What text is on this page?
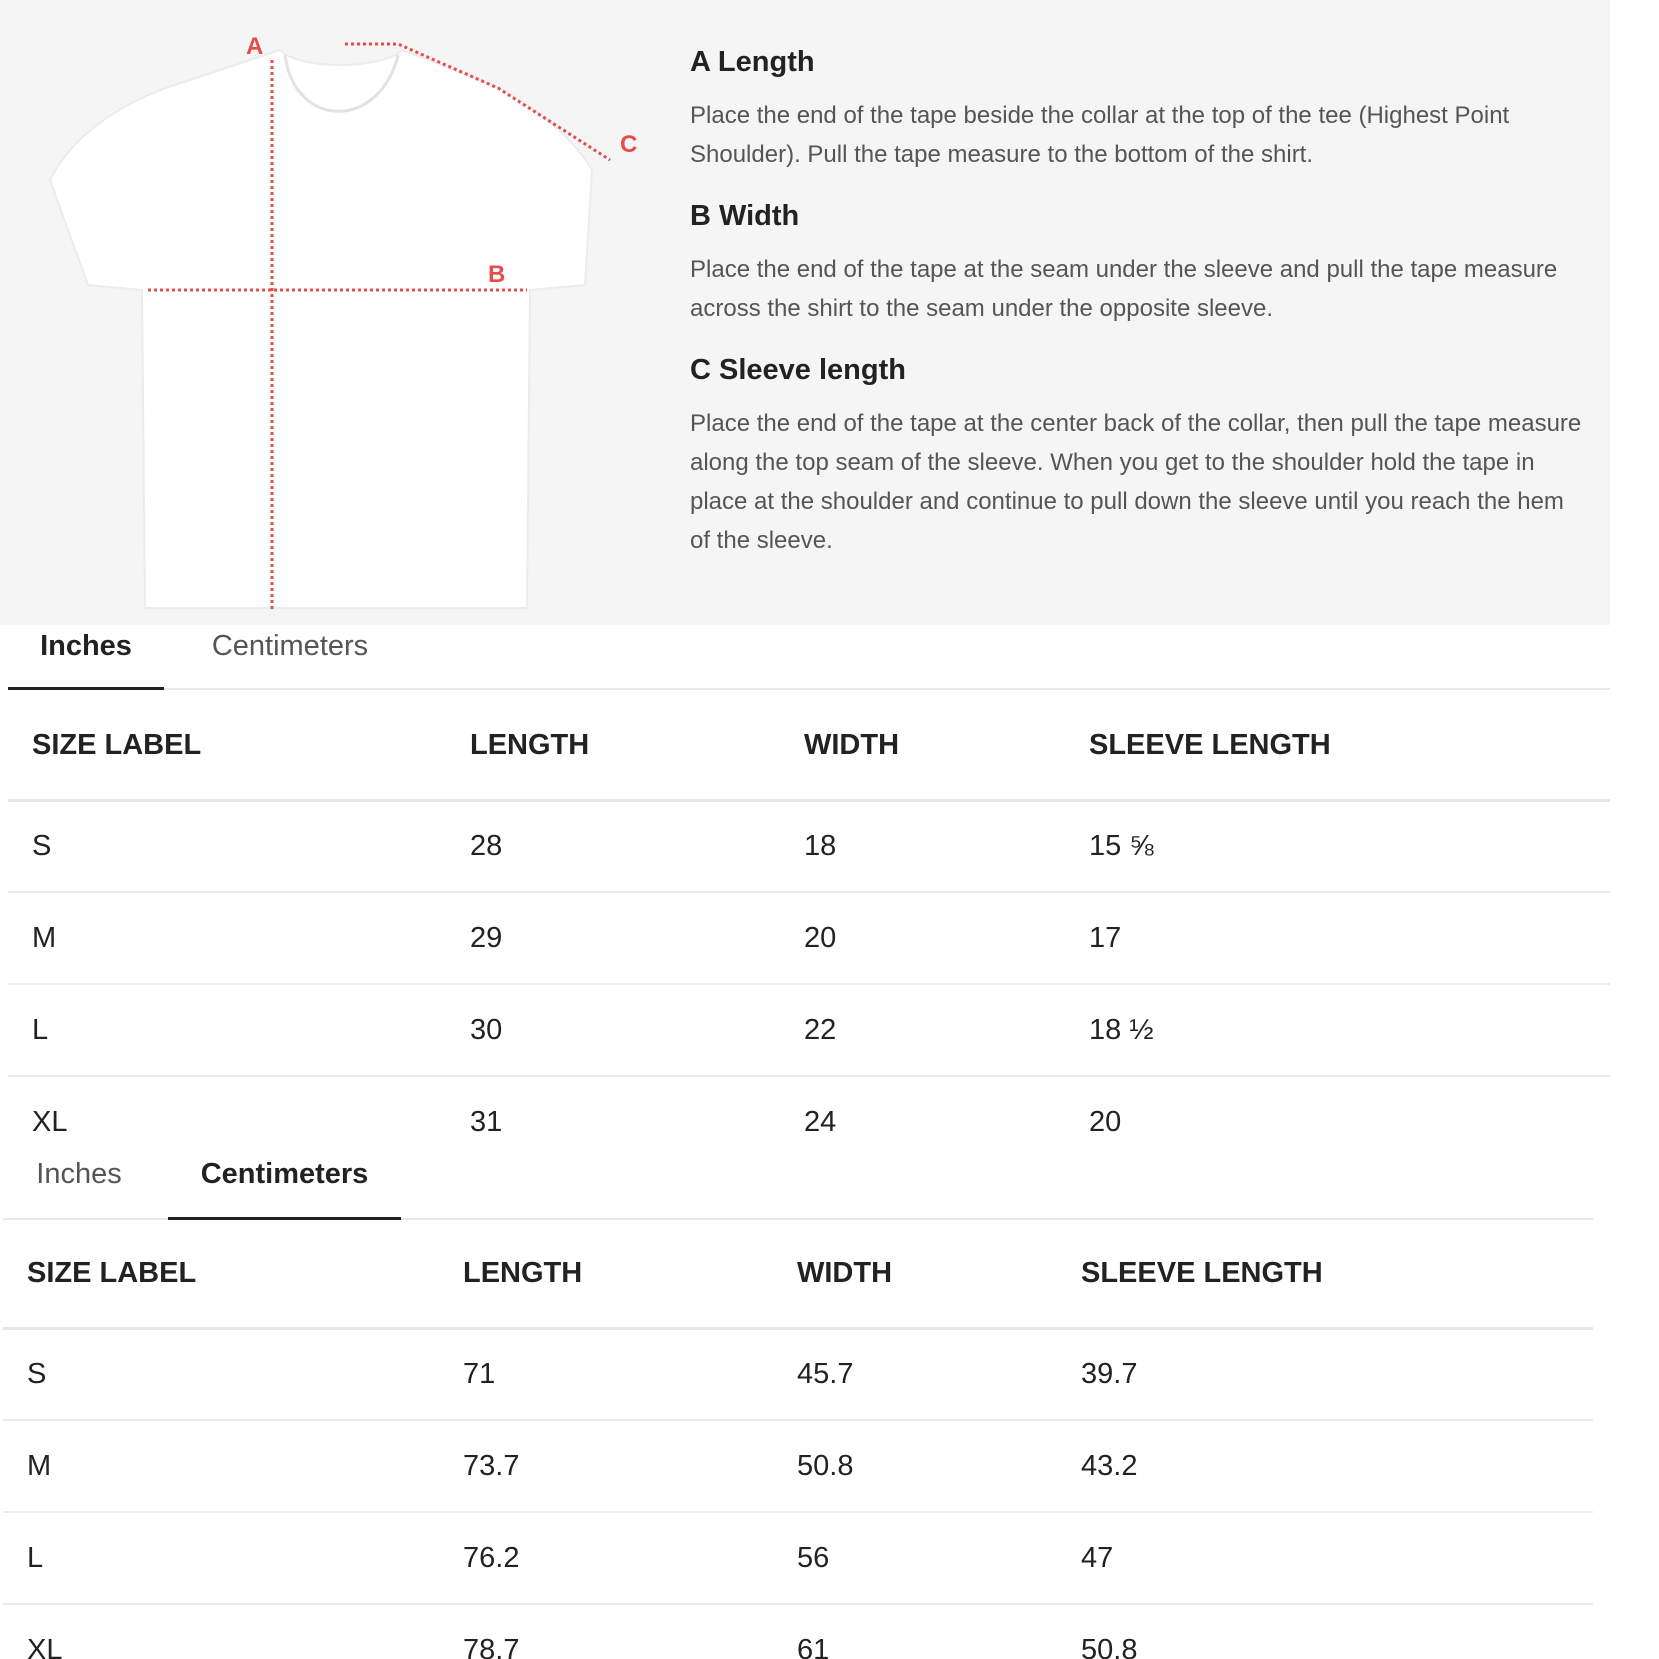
A
B
C
A Length

Place the end of the tape beside the collar at the top of the tee (Highest Point Shoulder). Pull the tape measure to the bottom of the shirt.

B Width

Place the end of the tape at the seam under the sleeve and pull the tape measure across the shirt to the seam under the opposite sleeve.

C Sleeve length

Place the end of the tape at the center back of the collar, then pull the tape measure along the top seam of the sleeve. When you get to the shoulder hold the tape in place at the shoulder and continue to pull down the sleeve until you reach the hem of the sleeve.

Inches	Centimeters
SIZE LABEL	LENGTH	WIDTH	SLEEVE LENGTH
S	28	18	15 ⅝
M	29	20	17
L	30	22	18 ½
XL	31	24	20
Inches	Centimeters
SIZE LABEL	LENGTH	WIDTH	SLEEVE LENGTH
S	71	45.7	39.7
M	73.7	50.8	43.2
L	76.2	56	47
XL	78.7	61	50.8
